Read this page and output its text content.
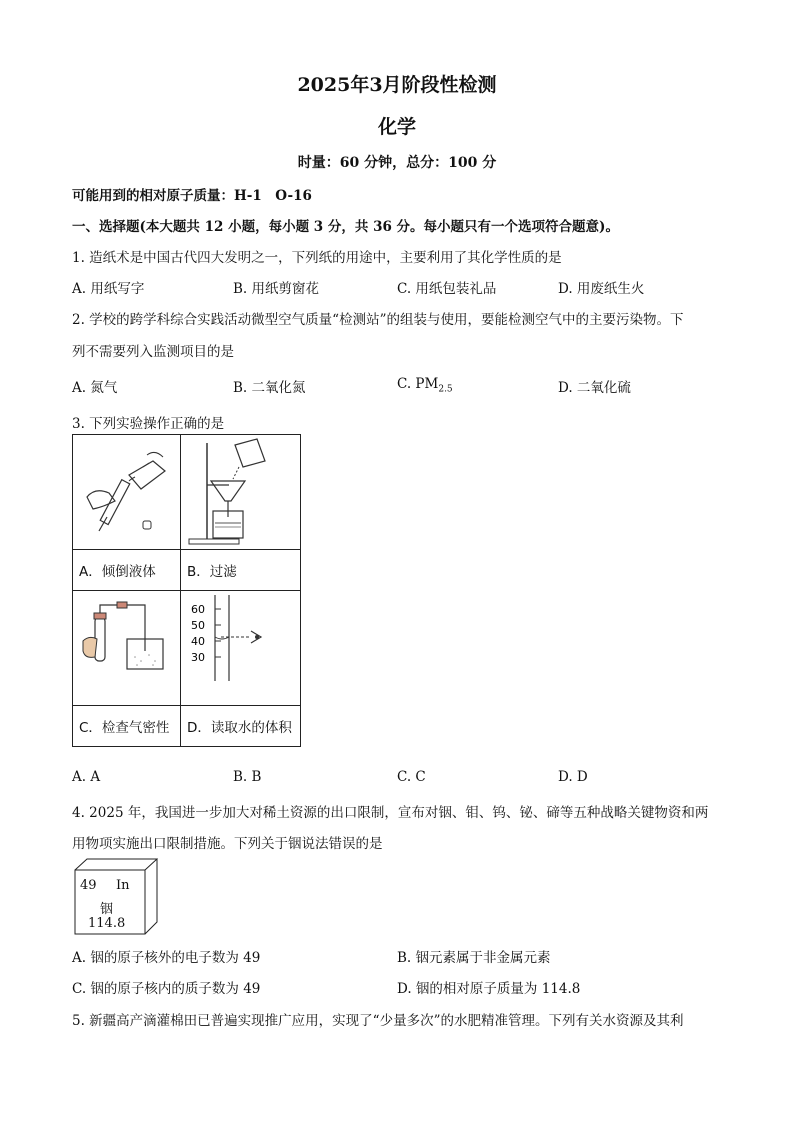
2025年3月阶段性检测
化学
时量：60 分钟，总分：100 分
可能用到的相对原子质量：H-1　O-16
一、选择题(本大题共 12 小题，每小题 3 分，共 36 分。每小题只有一个选项符合题意)。
1. 造纸术是中国古代四大发明之一，下列纸的用途中，主要利用了其化学性质的是
A. 用纸写字	B. 用纸剪窗花	C. 用纸包装礼品	D. 用废纸生火
2. 学校的跨学科综合实践活动微型空气质量“检测站”的组装与使用，要能检测空气中的主要污染物。下
列不需要列入监测项目的是
A. 氮气	B. 二氧化氮	C. $PM_{2.5}$	D. 二氧化硫
3. 下列实验操作正确的是

A．倾倒液体	B．过滤

60
50
40
30

C．检查气密性	D．读取水的体积
A. A	B. B	C. C	D. D
4. 2025 年，我国进一步加大对稀土资源的出口限制，宣布对铟、钼、钨、铋、碲等五种战略关键物资和两
用物项实施出口限制措施。下列关于铟说法错误的是
49 In
铟
114.8
A. 铟的原子核外的电子数为 49	B. 铟元素属于非金属元素
C. 铟的原子核内的质子数为 49	D. 铟的相对原子质量为 114.8
5. 新疆高产滴灌棉田已普遍实现推广应用，实现了“少量多次”的水肥精准管理。下列有关水资源及其利
